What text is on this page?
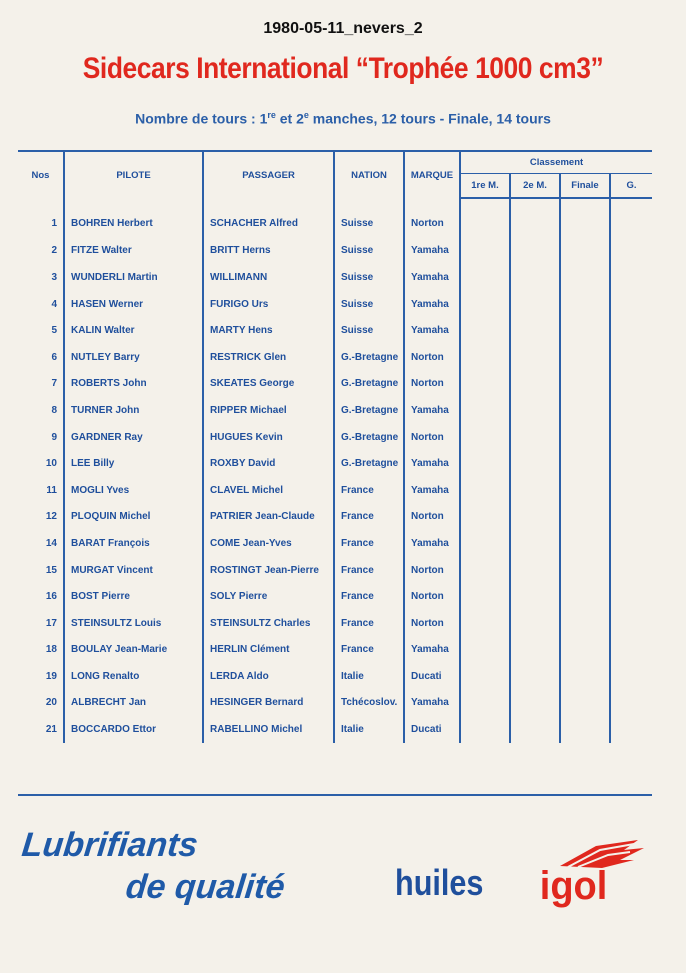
1980-05-11_nevers_2
Sidecars International “Trophée 1000 cm3”
Nombre de tours : 1re et 2e manches, 12 tours - Finale, 14 tours
Nos	PILOTE	PASSAGER	NATION	MARQUE	Classement			
					1re M.	2e M.	Finale	G.
1	BOHREN Herbert	SCHACHER Alfred	Suisse	Norton				
2	FITZE Walter	BRITT Herns	Suisse	Yamaha				
3	WUNDERLI Martin	WILLIMANN	Suisse	Yamaha				
4	HASEN Werner	FURIGO Urs	Suisse	Yamaha				
5	KALIN Walter	MARTY Hens	Suisse	Yamaha				
6	NUTLEY Barry	RESTRICK Glen	G.-Bretagne	Norton				
7	ROBERTS John	SKEATES George	G.-Bretagne	Norton				
8	TURNER John	RIPPER Michael	G.-Bretagne	Yamaha				
9	GARDNER Ray	HUGUES Kevin	G.-Bretagne	Norton				
10	LEE Billy	ROXBY David	G.-Bretagne	Yamaha				
11	MOGLI Yves	CLAVEL Michel	France	Yamaha				
12	PLOQUIN Michel	PATRIER Jean-Claude	France	Norton				
14	BARAT François	COME Jean-Yves	France	Yamaha				
15	MURGAT Vincent	ROSTINGT Jean-Pierre	France	Norton				
16	BOST Pierre	SOLY Pierre	France	Norton				
17	STEINSULTZ Louis	STEINSULTZ Charles	France	Norton				
18	BOULAY Jean-Marie	HERLIN Clément	France	Yamaha				
19	LONG Renalto	LERDA Aldo	Italie	Ducati				
20	ALBRECHT Jan	HESINGER Bernard	Tchécoslov.	Yamaha				
21	BOCCARDO Ettor	RABELLINO Michel	Italie	Ducati				
Lubrifiants
de qualité	huiles igol
